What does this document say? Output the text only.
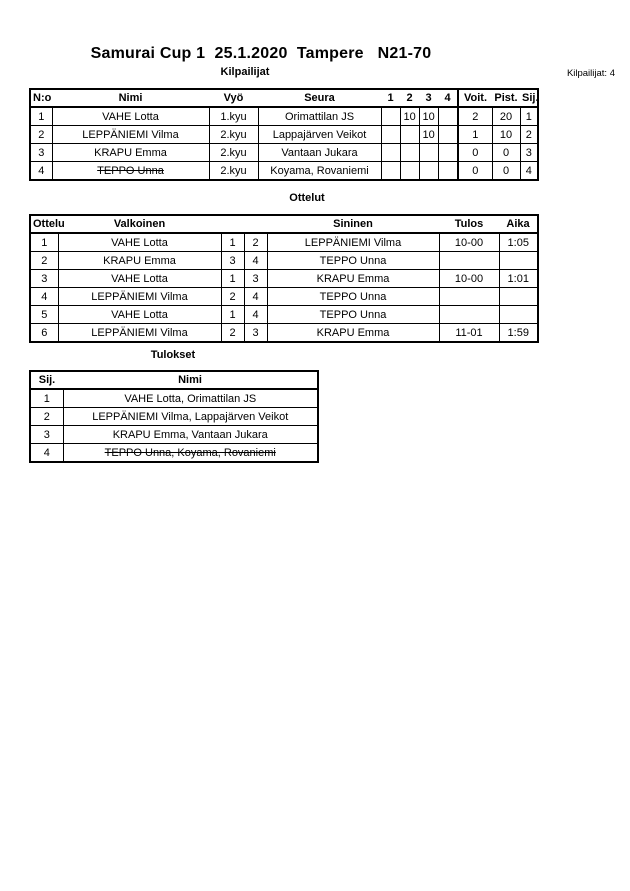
Samurai Cup 1  25.1.2020  Tampere   N21-70
Kilpailijat	Kilpailijat: 4
N:o	Nimi	Vyö	Seura	1	2	3	4	Voit.	Pist.	Sij.
1	VAHE Lotta	1.kyu	Orimattilan JS		10	10		2	20	1
2	LEPPÄNIEMI Vilma	2.kyu	Lappajärven Veikot			10		1	10	2
3	KRAPU Emma	2.kyu	Vantaan Jukara					0	0	3
4	TEPPO Unna	2.kyu	Koyama, Rovaniemi					0	0	4
Ottelut
Ottelu	Valkoinen			Sininen	Tulos	Aika
1	VAHE Lotta	1	2	LEPPÄNIEMI Vilma	10-00	1:05
2	KRAPU Emma	3	4	TEPPO Unna		
3	VAHE Lotta	1	3	KRAPU Emma	10-00	1:01
4	LEPPÄNIEMI Vilma	2	4	TEPPO Unna		
5	VAHE Lotta	1	4	TEPPO Unna		
6	LEPPÄNIEMI Vilma	2	3	KRAPU Emma	11-01	1:59
Tulokset
Sij.	Nimi
1	VAHE Lotta, Orimattilan JS
2	LEPPÄNIEMI Vilma, Lappajärven Veikot
3	KRAPU Emma, Vantaan Jukara
4	TEPPO Unna, Koyama, Rovaniemi
